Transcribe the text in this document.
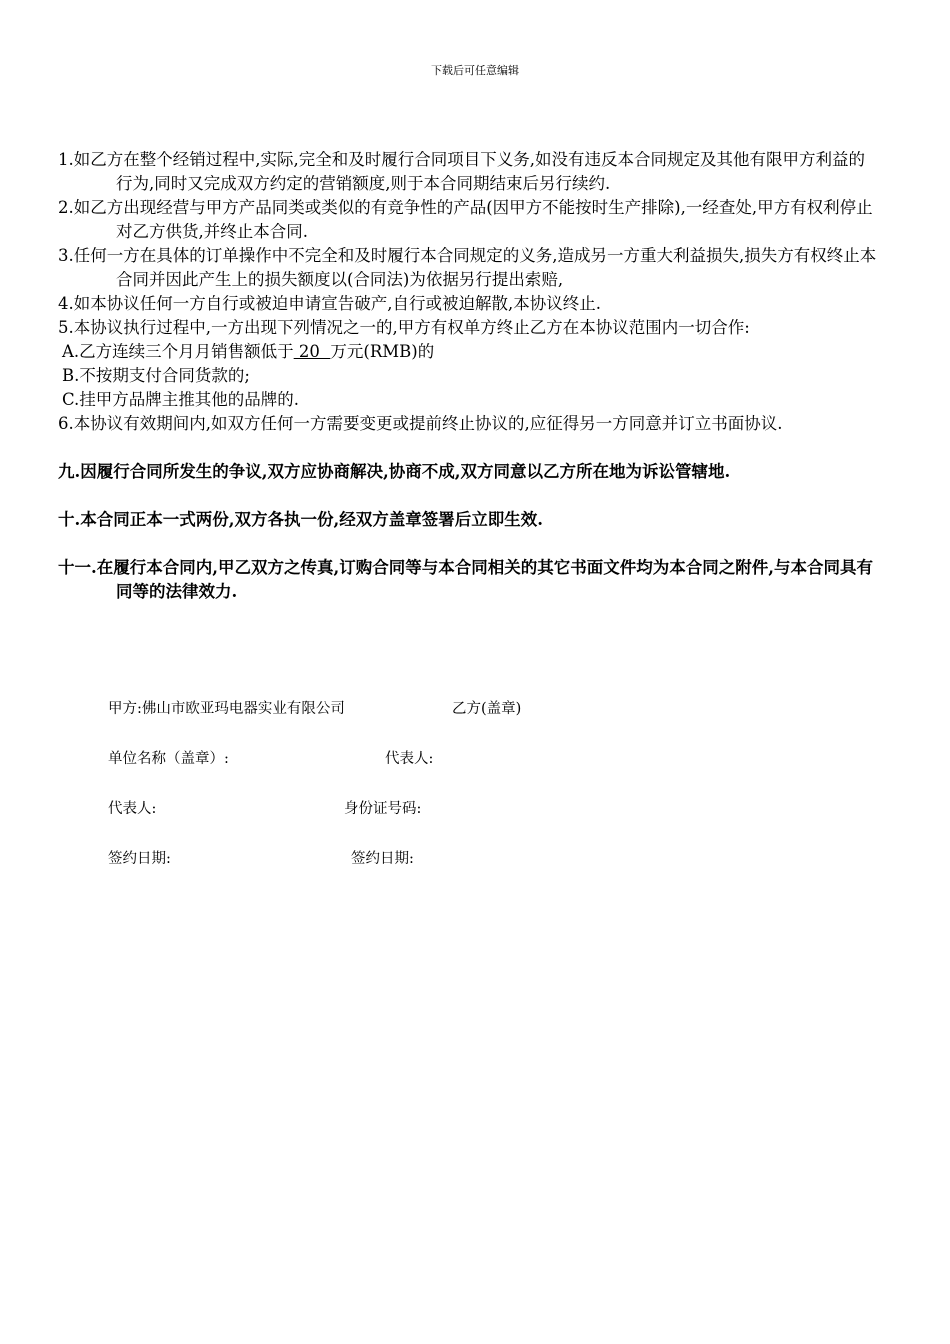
下载后可任意编辑

1.如乙方在整个经销过程中,实际,完全和及时履行合同项目下义务,如没有违反本合同规定及其他有限甲方利益的行为,同时又完成双方约定的营销额度,则于本合同期结束后另行续约.

2.如乙方出现经营与甲方产品同类或类似的有竞争性的产品(因甲方不能按时生产排除),一经查处,甲方有权利停止对乙方供货,并终止本合同.

3.任何一方在具体的订单操作中不完全和及时履行本合同规定的义务,造成另一方重大利益损失,损失方有权终止本合同并因此产生上的损失额度以(合同法)为依据另行提出索赔,

4.如本协议任何一方自行或被迫申请宣告破产,自行或被迫解散,本协议终止.

5.本协议执行过程中,一方出现下列情况之一的,甲方有权单方终止乙方在本协议范围内一切合作:

A.乙方连续三个月月销售额低于 20  万元(RMB)的

B.不按期支付合同货款的;

C.挂甲方品牌主推其他的品牌的.

6.本协议有效期间内,如双方任何一方需要变更或提前终止协议的,应征得另一方同意并订立书面协议.

九.因履行合同所发生的争议,双方应协商解决,协商不成,双方同意以乙方所在地为诉讼管辖地.

十.本合同正本一式两份,双方各执一份,经双方盖章签署后立即生效.

十一.在履行本合同内,甲乙双方之传真,订购合同等与本合同相关的其它书面文件均为本合同之附件,与本合同具有同等的法律效力.

甲方:佛山市欧亚玛电器实业有限公司	乙方(盖章)
单位名称（盖章）:	代表人:
代表人:	身份证号码:
签约日期:	签约日期:
